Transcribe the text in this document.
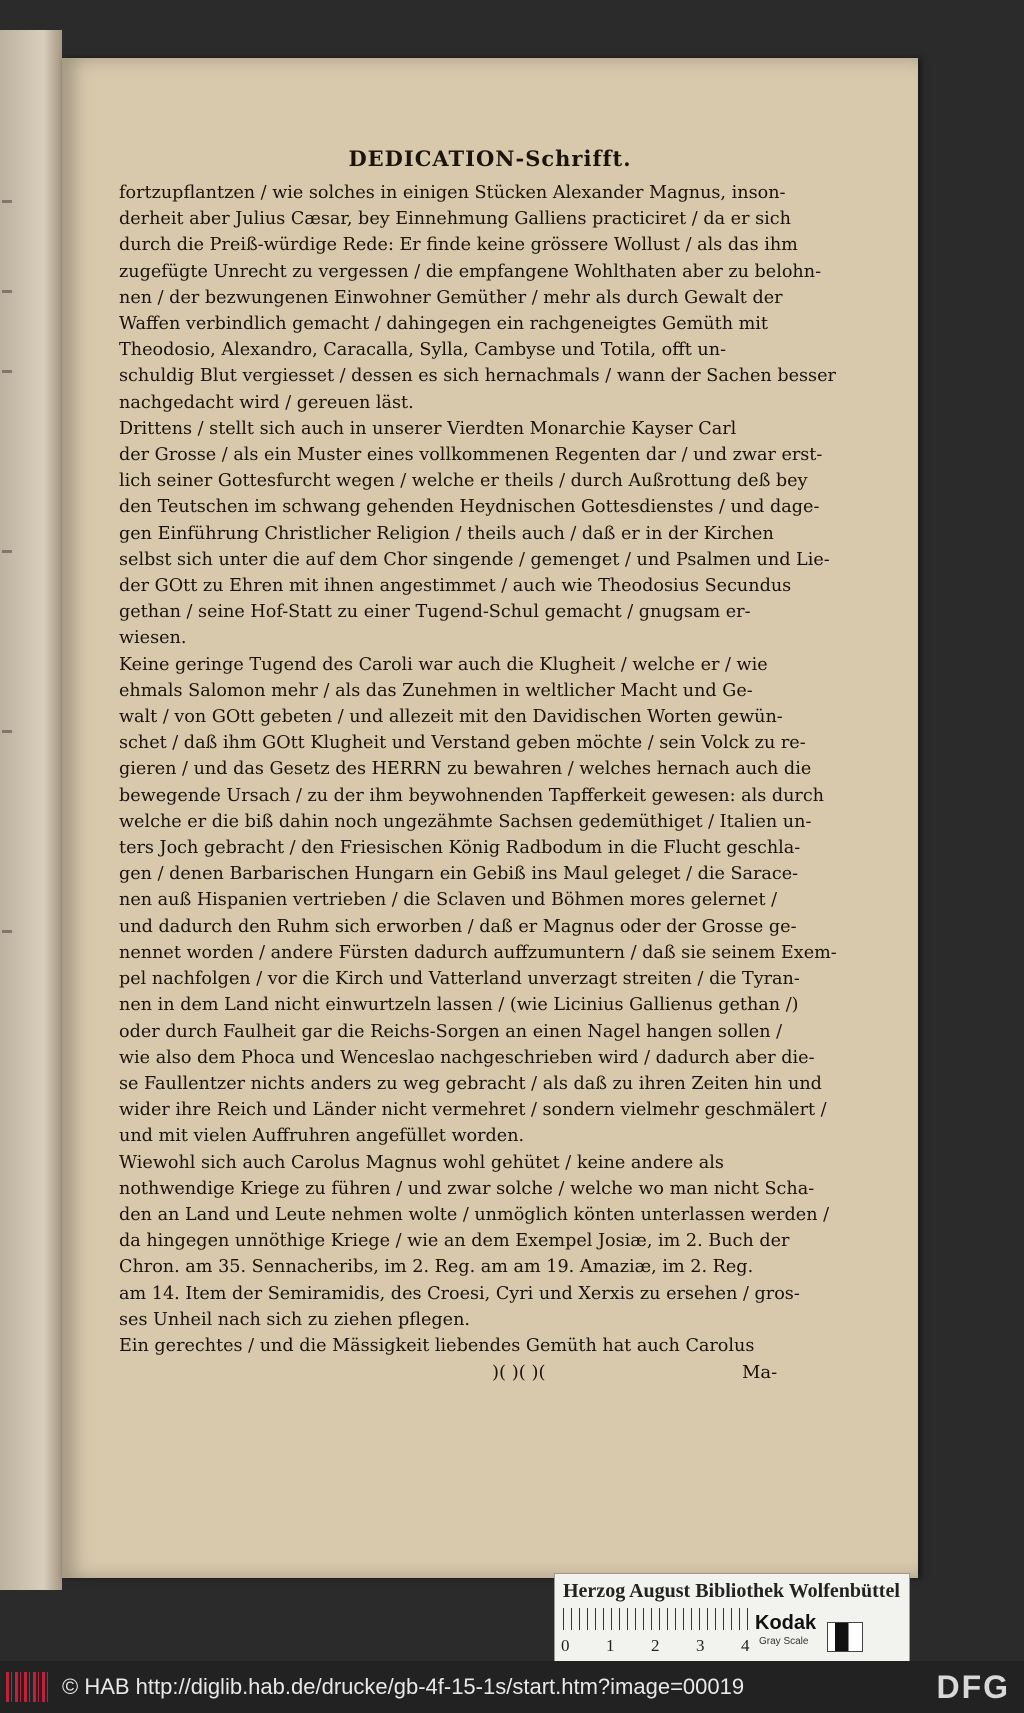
DEDICATION-Schrifft.
fortzupflantzen / wie solches in einigen Stücken Alexander Magnus, inson-
derheit aber Julius Cæsar, bey Einnehmung Galliens practiciret / da er sich
durch die Preiß-würdige Rede: Er finde keine grössere Wollust / als das ihm
zugefügte Unrecht zu vergessen / die empfangene Wohlthaten aber zu belohn-
nen / der bezwungenen Einwohner Gemüther / mehr als durch Gewalt der
Waffen verbindlich gemacht / dahingegen ein rachgeneigtes Gemüth mit
Theodosio, Alexandro, Caracalla, Sylla, Cambyse und Totila, offt un-
schuldig Blut vergiesset / dessen es sich hernachmals / wann der Sachen besser
nachgedacht wird / gereuen läst.
Drittens / stellt sich auch in unserer Vierdten Monarchie Kayser Carl
der Grosse / als ein Muster eines vollkommenen Regenten dar / und zwar erst-
lich seiner Gottesfurcht wegen / welche er theils / durch Außrottung deß bey
den Teutschen im schwang gehenden Heydnischen Gottesdienstes / und dage-
gen Einführung Christlicher Religion / theils auch / daß er in der Kirchen
selbst sich unter die auf dem Chor singende / gemenget / und Psalmen und Lie-
der GOtt zu Ehren mit ihnen angestimmet / auch wie Theodosius Secundus
gethan / seine Hof-Statt zu einer Tugend-Schul gemacht / gnugsam er-
wiesen.
Keine geringe Tugend des Caroli war auch die Klugheit / welche er / wie
ehmals Salomon mehr / als das Zunehmen in weltlicher Macht und Ge-
walt / von GOtt gebeten / und allezeit mit den Davidischen Worten gewün-
schet / daß ihm GOtt Klugheit und Verstand geben möchte / sein Volck zu re-
gieren / und das Gesetz des HERRN zu bewahren / welches hernach auch die
bewegende Ursach / zu der ihm beywohnenden Tapfferkeit gewesen: als durch
welche er die biß dahin noch ungezähmte Sachsen gedemüthiget / Italien un-
ters Joch gebracht / den Friesischen König Radbodum in die Flucht geschla-
gen / denen Barbarischen Hungarn ein Gebiß ins Maul geleget / die Sarace-
nen auß Hispanien vertrieben / die Sclaven und Böhmen mores gelernet /
und dadurch den Ruhm sich erworben / daß er Magnus oder der Grosse ge-
nennet worden / andere Fürsten dadurch auffzumuntern / daß sie seinem Exem-
pel nachfolgen / vor die Kirch und Vatterland unverzagt streiten / die Tyran-
nen in dem Land nicht einwurtzeln lassen / (wie Licinius Gallienus gethan /)
oder durch Faulheit gar die Reichs-Sorgen an einen Nagel hangen sollen /
wie also dem Phoca und Wenceslao nachgeschrieben wird / dadurch aber die-
se Faullentzer nichts anders zu weg gebracht / als daß zu ihren Zeiten hin und
wider ihre Reich und Länder nicht vermehret / sondern vielmehr geschmälert /
und mit vielen Auffruhren angefüllet worden.
Wiewohl sich auch Carolus Magnus wohl gehütet / keine andere als
nothwendige Kriege zu führen / und zwar solche / welche wo man nicht Scha-
den an Land und Leute nehmen wolte / unmöglich könten unterlassen werden /
da hingegen unnöthige Kriege / wie an dem Exempel Josiæ, im 2. Buch der
Chron. am 35. Sennacheribs, im 2. Reg. am am 19. Amaziæ, im 2. Reg.
am 14. Item der Semiramidis, des Croesi, Cyri und Xerxis zu ersehen / gros-
ses Unheil nach sich zu ziehen pflegen.
Ein gerechtes / und die Mässigkeit liebendes Gemüth hat auch Carolus
)( )( )(	Ma-
Herzog August Bibliothek Wolfenbüttel
0 1 2 3 4
Kodak
Gray Scale
© HAB http://diglib.hab.de/drucke/gb-4f-15-1s/start.htm?image=00019	DFG
